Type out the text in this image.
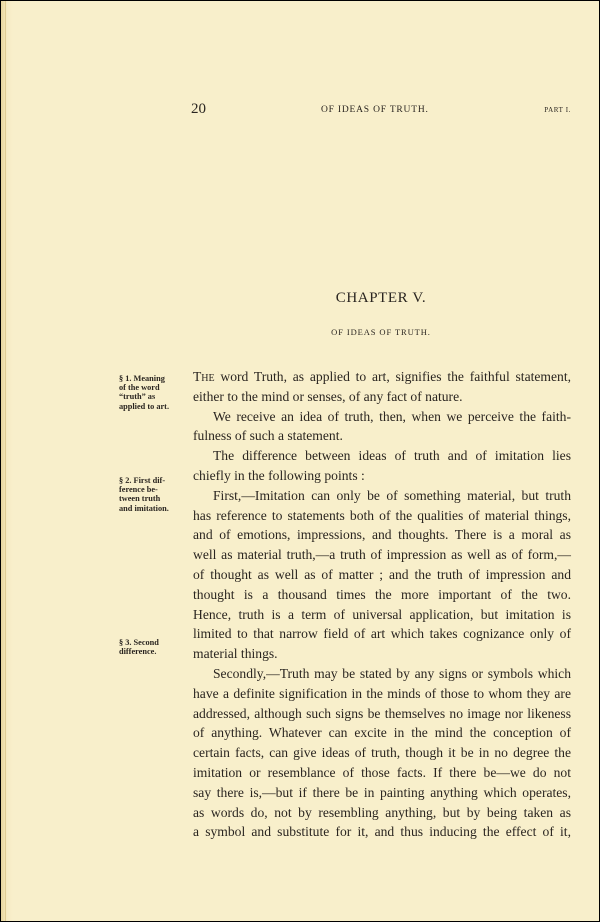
20	OF IDEAS OF TRUTH.	PART I.
CHAPTER V.
OF IDEAS OF TRUTH.
§ 1. Meaning
of the word
“truth” as
applied to art.
§ 2. First dif-
ference be-
tween truth
and imitation.
§ 3. Second
difference.

The word Truth, as applied to art, signifies the faithful statement,
either to the mind or senses, of any fact of nature.

We receive an idea of truth, then, when we perceive the faith-
fulness of such a statement.

The difference between ideas of truth and of imitation lies
chiefly in the following points :

First,—Imitation can only be of something material, but truth
has reference to statements both of the qualities of material things,
and of emotions, impressions, and thoughts. There is a moral as
well as material truth,—a truth of impression as well as of form,—
of thought as well as of matter ; and the truth of impression and
thought is a thousand times the more important of the two.
Hence, truth is a term of universal application, but imitation is
limited to that narrow field of art which takes cognizance only of
material things.

Secondly,—Truth may be stated by any signs or symbols which
have a definite signification in the minds of those to whom they are
addressed, although such signs be themselves no image nor likeness
of anything. Whatever can excite in the mind the conception of
certain facts, can give ideas of truth, though it be in no degree the
imitation or resemblance of those facts. If there be—we do not
say there is,—but if there be in painting anything which operates,
as words do, not by resembling anything, but by being taken as
a symbol and substitute for it, and thus inducing the effect of it,
